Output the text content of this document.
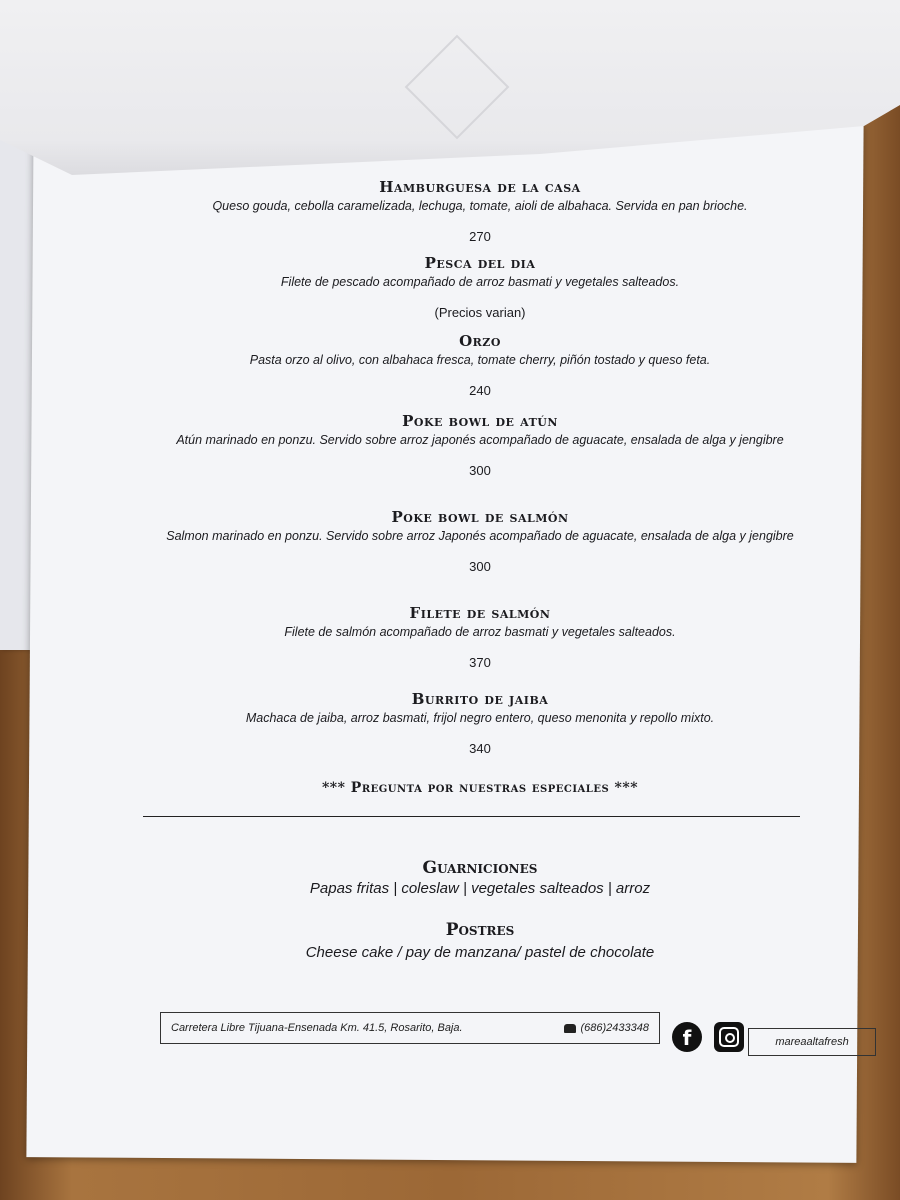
Hamburguesa de la casa

Queso gouda, cebolla caramelizada, lechuga, tomate, aioli de albahaca. Servida en pan brioche.

270

Pesca del dia

Filete de pescado acompañado de arroz basmati y vegetales salteados.

(Precios varian)

Orzo

Pasta orzo al olivo, con albahaca fresca, tomate cherry, piñón tostado y queso feta.

240

Poke bowl de atún

Atún marinado en ponzu. Servido sobre arroz japonés acompañado de aguacate, ensalada de alga y jengibre

300

Poke bowl de salmón

Salmon marinado en ponzu. Servido sobre arroz Japonés acompañado de aguacate, ensalada de alga y jengibre

300

Filete de salmón

Filete de salmón acompañado de arroz basmati y vegetales salteados.

370

Burrito de jaiba

Machaca de jaiba, arroz basmati, frijol negro entero, queso menonita y repollo mixto.

340
*** Pregunta por nuestras especiales ***
Guarniciones
Papas fritas | coleslaw | vegetales salteados | arroz
Postres
Cheese cake / pay de manzana/ pastel de chocolate
Carretera Libre Tijuana-Ensenada Km. 41.5, Rosarito, Baja.	(686)2433348	f	mareaaltafresh
